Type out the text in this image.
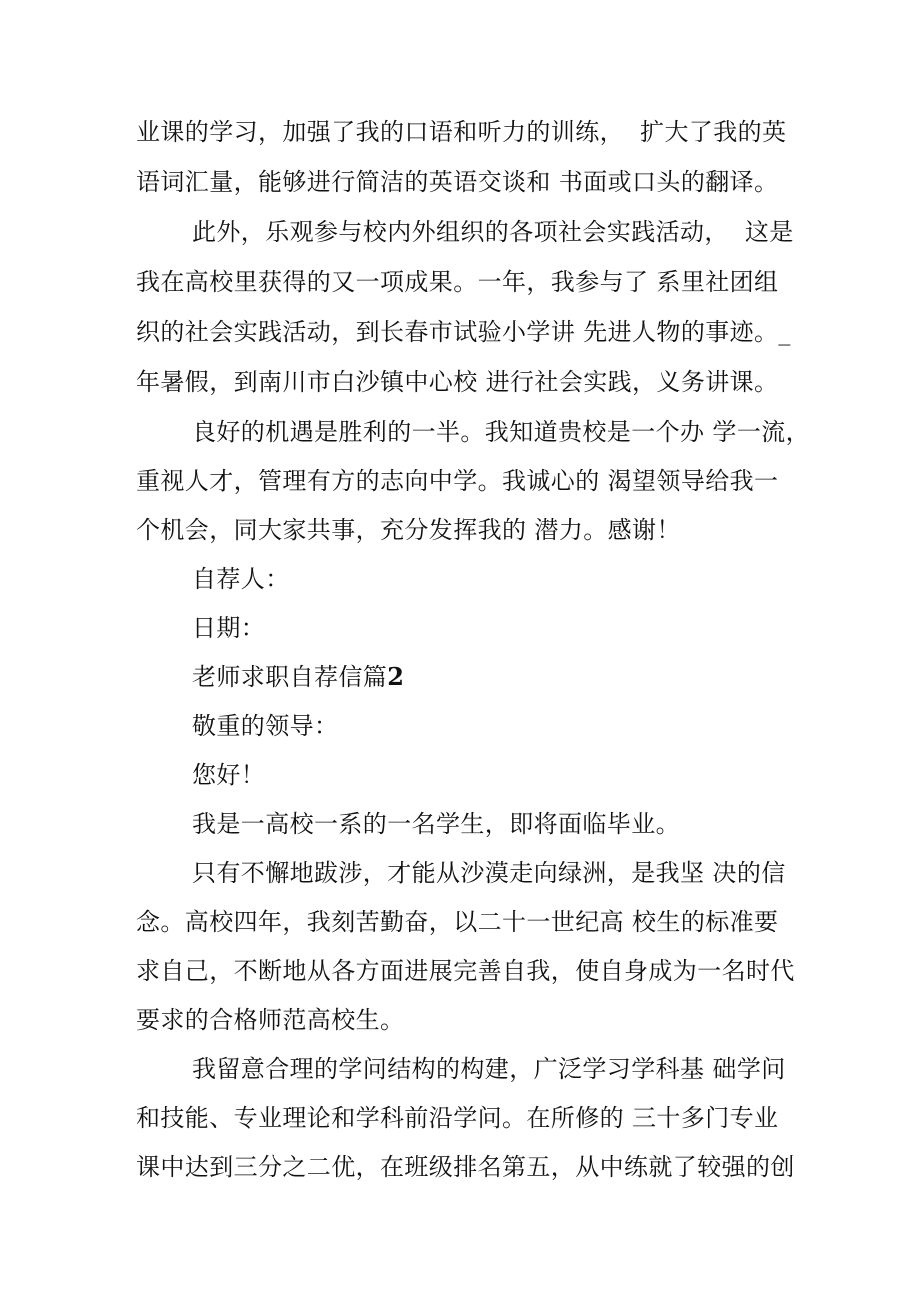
业课的学习，加强了我的口语和听力的训练，  扩大了我的英
语词汇量，能够进行简洁的英语交谈和 书面或口头的翻译。
此外，乐观参与校内外组织的各项社会实践活动，  这是
我在高校里获得的又一项成果。一年，我参与了 系里社团组
织的社会实践活动，到长春市试验小学讲 先进人物的事迹。_
年暑假，到南川市白沙镇中心校 进行社会实践，义务讲课。
良好的机遇是胜利的一半。我知道贵校是一个办 学一流，
重视人才，管理有方的志向中学。我诚心的 渴望领导给我一
个机会，同大家共事，充分发挥我的 潜力。感谢！
自荐人：
日期：
老师求职自荐信篇2
敬重的领导：
您好！
我是一高校一系的一名学生，即将面临毕业。
只有不懈地跋涉，才能从沙漠走向绿洲，是我坚 决的信
念。高校四年，我刻苦勤奋，以二十一世纪高 校生的标准要
求自己，不断地从各方面进展完善自我，使自身成为一名时代
要求的合格师范高校生。
我留意合理的学问结构的构建，广泛学习学科基 础学问
和技能、专业理论和学科前沿学问。在所修的 三十多门专业
课中达到三分之二优，在班级排名第五，从中练就了较强的创
